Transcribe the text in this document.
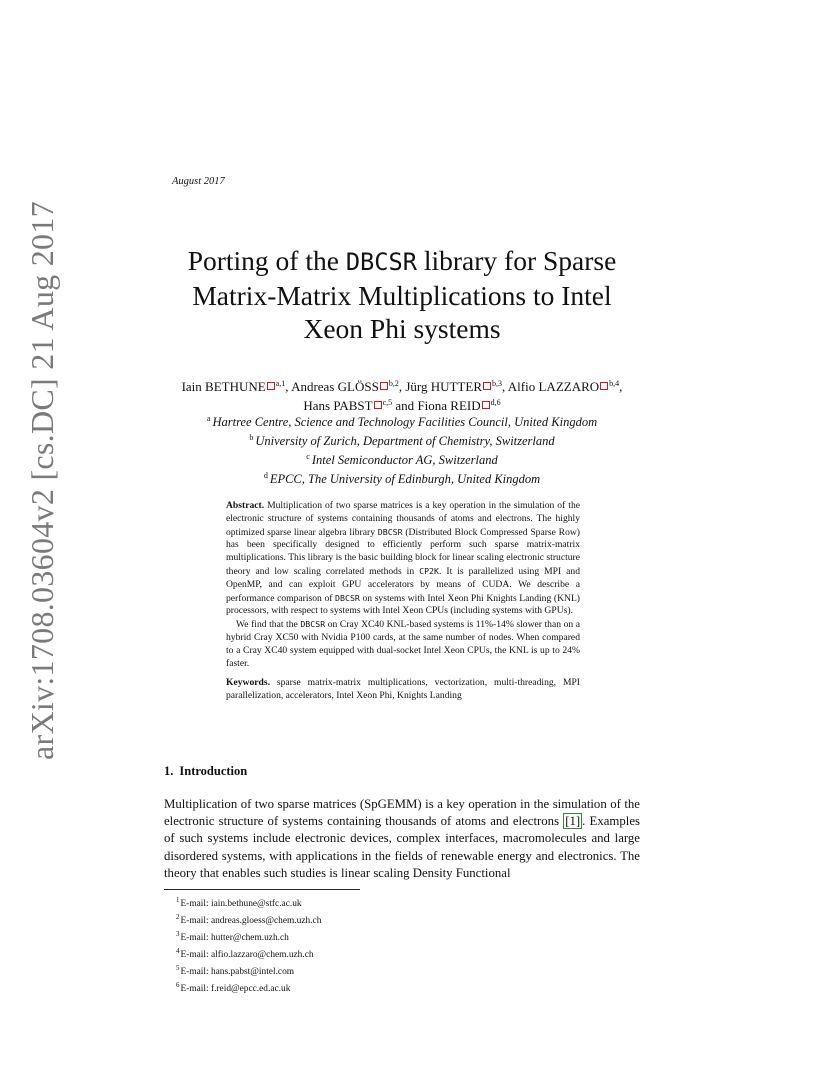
arXiv:1708.03604v2 [cs.DC] 21 Aug 2017
August 2017
Porting of the DBCSR library for Sparse Matrix-Matrix Multiplications to Intel Xeon Phi systems
Iain BETHUNE $^{a,1}$, Andreas GLÖSS $^{b,2}$, Jürg HUTTER $^{b,3}$, Alfio LAZZARO $^{b,4}$,
Hans PABST $^{c,5}$ and Fiona REID $^{d,6}$
$^a$ Hartree Centre, Science and Technology Facilities Council, United Kingdom
$^b$ University of Zurich, Department of Chemistry, Switzerland
$^c$ Intel Semiconductor AG, Switzerland
$^d$ EPCC, The University of Edinburgh, United Kingdom

Abstract. Multiplication of two sparse matrices is a key operation in the simulation of the electronic structure of systems containing thousands of atoms and electrons. The highly optimized sparse linear algebra library DBCSR (Distributed Block Compressed Sparse Row) has been specifically designed to efficiently perform such sparse matrix-matrix multiplications. This library is the basic building block for linear scaling electronic structure theory and low scaling correlated methods in CP2K. It is parallelized using MPI and OpenMP, and can exploit GPU accelerators by means of CUDA. We describe a performance comparison of DBCSR on systems with Intel Xeon Phi Knights Landing (KNL) processors, with respect to systems with Intel Xeon CPUs (including systems with GPUs).

We find that the DBCSR on Cray XC40 KNL-based systems is 11%-14% slower than on a hybrid Cray XC50 with Nvidia P100 cards, at the same number of nodes. When compared to a Cray XC40 system equipped with dual-socket Intel Xeon CPUs, the KNL is up to 24% faster.

Keywords. sparse matrix-matrix multiplications, vectorization, multi-threading, MPI parallelization, accelerators, Intel Xeon Phi, Knights Landing

1. Introduction

Multiplication of two sparse matrices (SpGEMM) is a key operation in the simulation of the electronic structure of systems containing thousands of atoms and electrons [1] . Examples of such systems include electronic devices, complex interfaces, macromolecules and large disordered systems, with applications in the fields of renewable energy and electronics. The theory that enables such studies is linear scaling Density Functional

$^1$E-mail: iain.bethune@stfc.ac.uk
$^2$E-mail: andreas.gloess@chem.uzh.ch
$^3$E-mail: hutter@chem.uzh.ch
$^4$E-mail: alfio.lazzaro@chem.uzh.ch
$^5$E-mail: hans.pabst@intel.com
$^6$E-mail: f.reid@epcc.ed.ac.uk
